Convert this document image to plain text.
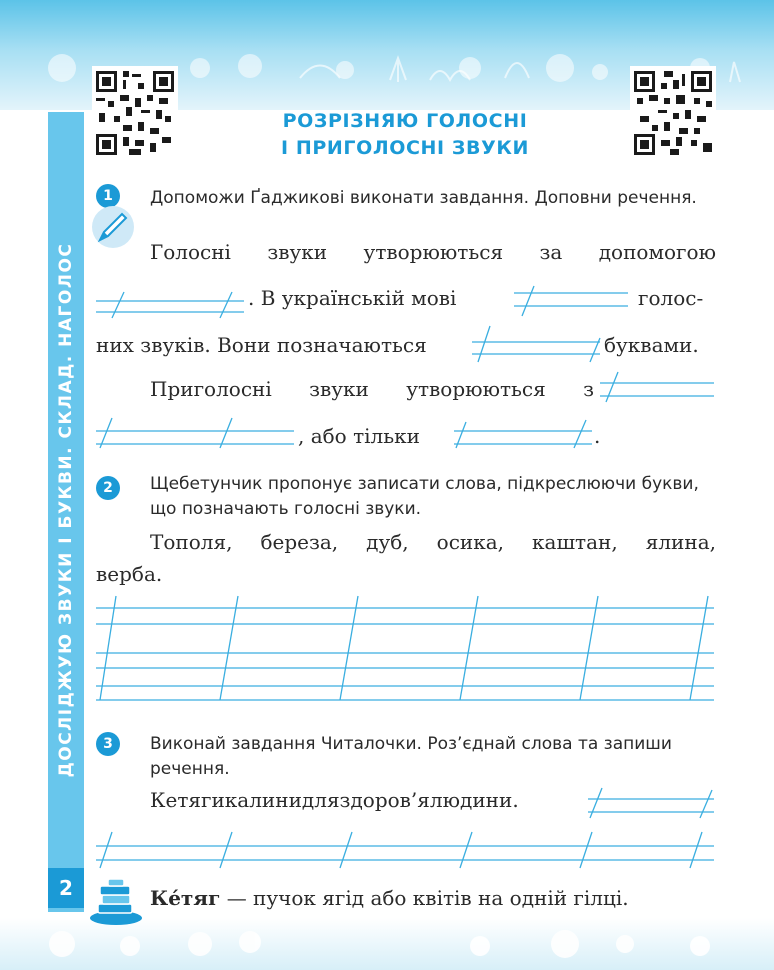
ДОСЛІДЖУЮ ЗВУКИ І БУКВИ. СКЛАД. НАГОЛОС
2
РОЗРІЗНЯЮ ГОЛОСНІ
І ПРИГОЛОСНІ ЗВУКИ
1	Допоможи Ґаджикові виконати завдання. Доповни речення.
Голосні звуки утворюються за допомогою
. В українській мові	голос-
них звуків. Вони позначаються	буквами.
Приголосні звуки утворюються з
, або тільки	.
2	Щебетунчик пропонує записати слова, підкреслюючи букви, що позначають голосні звуки.
Тополя, береза, дуб, осика, каштан, ялина,
верба.
3	Виконай завдання Читалочки. Роз’єднай слова та запиши речення.
Кетягикалинидляздоров’ялюдини.
Ке́тяг — пучок ягід або квітів на одній гілці.
